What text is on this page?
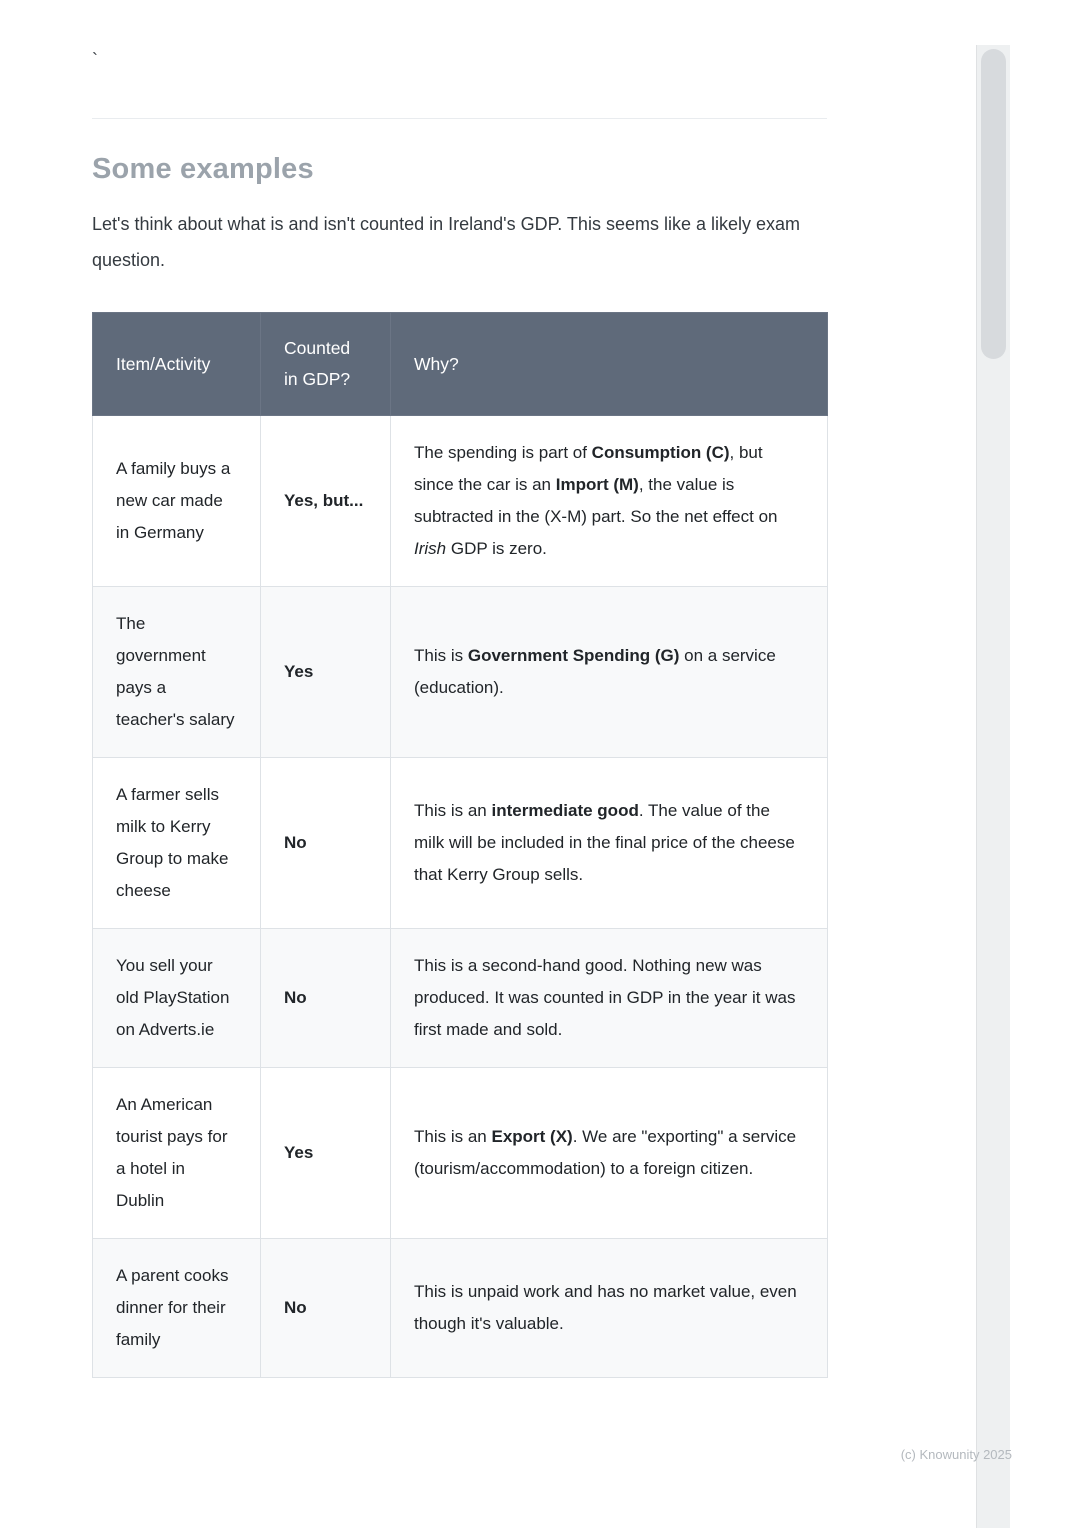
`
Some examples

Let's think about what is and isn't counted in Ireland's GDP. This seems like a likely exam question.

Item/Activity	Counted in GDP?	Why?
A family buys a new car made in Germany	Yes, but...	The spending is part of Consumption (C), but since the car is an Import (M), the value is subtracted in the (X-M) part. So the net effect on Irish GDP is zero.
The government pays a teacher's salary	Yes	This is Government Spending (G) on a service (education).
A farmer sells milk to Kerry Group to make cheese	No	This is an intermediate good. The value of the milk will be included in the final price of the cheese that Kerry Group sells.
You sell your old PlayStation on Adverts.ie	No	This is a second-hand good. Nothing new was produced. It was counted in GDP in the year it was first made and sold.
An American tourist pays for a hotel in Dublin	Yes	This is an Export (X). We are "exporting" a service (tourism/accommodation) to a foreign citizen.
A parent cooks dinner for their family	No	This is unpaid work and has no market value, even though it's valuable.
(c) Knowunity 2025
